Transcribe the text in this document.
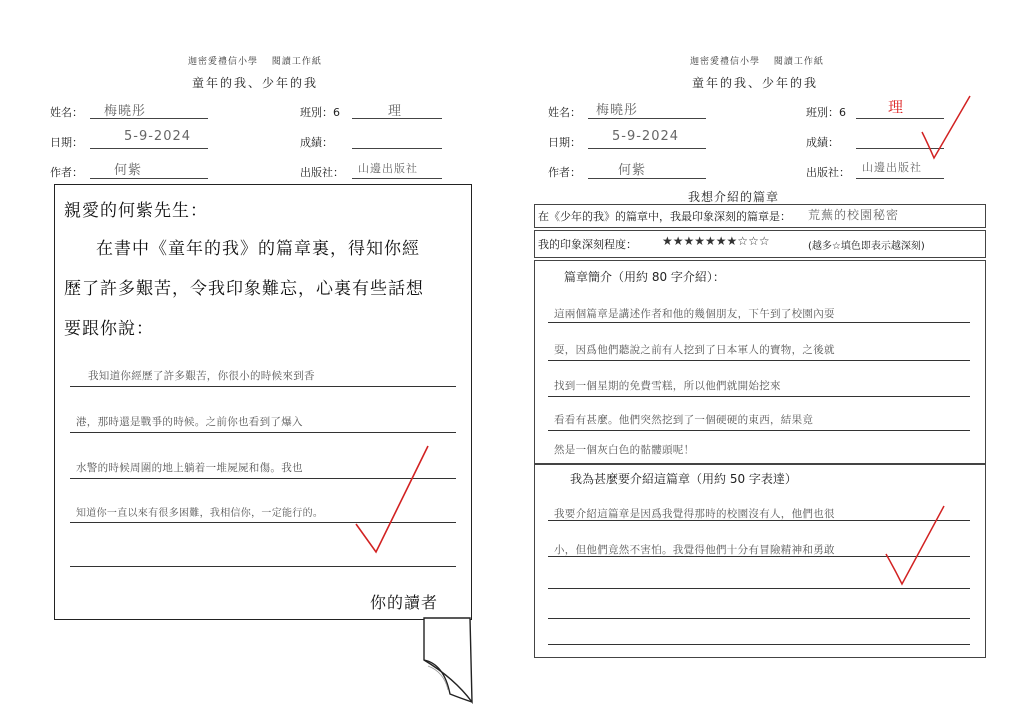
迦密愛禮信小學　 閱讀工作紙
童年的我、少年的我
姓名： 梅曉彤	班別：6	理
日期：	5-9-2024	成績：
作者： 何紫	出版社： 山邊出版社
親愛的何紫先生：
在書中《童年的我》的篇章裏，得知你經
歷了許多艱苦，令我印象難忘，心裏有些話想
要跟你說：
我知道你經歷了許多艱苦，你很小的時候來到香
港，那時還是戰爭的時候。之前你也看到了爆入
水警的時候周圍的地上躺着一堆屍屍和傷。我也
知道你一直以來有很多困難，我相信你，一定能行的。
你的讀者
迦密愛禮信小學　 閱讀工作紙
童年的我、少年的我
姓名： 梅曉彤	班別：6	理
日期： 5-9-2024	成績：
作者：	何紫	出版社： 山邊出版社
我想介紹的篇章
在《少年的我》的篇章中，我最印象深刻的篇章是： 荒蕪的校園秘密
我的印象深刻程度： ★★★★★★★☆☆☆	(越多☆填色即表示越深刻)
篇章簡介（用約 80 字介紹）：
這兩個篇章是講述作者和他的幾個朋友，下午到了校園內耍
耍，因爲他們聽說之前有人挖到了日本軍人的寶物，之後就
找到一個星期的免費雪糕，所以他們就開始挖來
看看有甚麼。他們突然挖到了一個硬硬的東西，結果竟
然是一個灰白色的骷髏頭呢！
我為甚麼要介紹這篇章（用約 50 字表達）
我要介紹這篇章是因爲我覺得那時的校園沒有人，他們也很
小，但他們竟然不害怕。我覺得他們十分有冒險精神和勇敢
